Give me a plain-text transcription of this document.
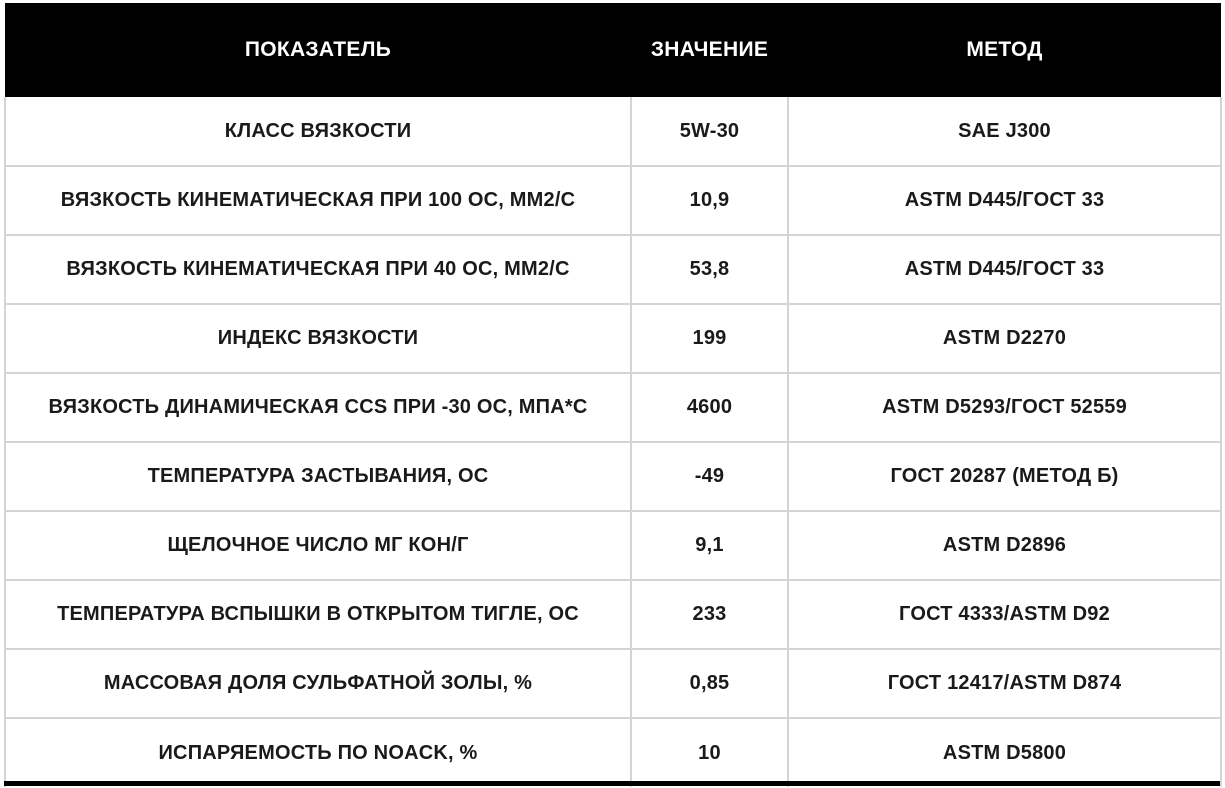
ПОКАЗАТЕЛЬ	ЗНАЧЕНИЕ	МЕТОД
КЛАСС ВЯЗКОСТИ	5W-30	SAE J300
ВЯЗКОСТЬ КИНЕМАТИЧЕСКАЯ ПРИ 100 ОС, ММ2/С	10,9	ASTM D445/ГОСТ 33
ВЯЗКОСТЬ КИНЕМАТИЧЕСКАЯ ПРИ 40 ОС, ММ2/С	53,8	ASTM D445/ГОСТ 33
ИНДЕКС ВЯЗКОСТИ	199	ASTM D2270
ВЯЗКОСТЬ ДИНАМИЧЕСКАЯ CCS ПРИ -30 ОС, МПА*С	4600	ASTM D5293/ГОСТ 52559
ТЕМПЕРАТУРА ЗАСТЫВАНИЯ, ОС	-49	ГОСТ 20287 (МЕТОД Б)
ЩЕЛОЧНОЕ ЧИСЛО МГ КОН/Г	9,1	ASTM D2896
ТЕМПЕРАТУРА ВСПЫШКИ В ОТКРЫТОМ ТИГЛЕ, ОС	233	ГОСТ 4333/ASTM D92
МАССОВАЯ ДОЛЯ СУЛЬФАТНОЙ ЗОЛЫ, %	0,85	ГОСТ 12417/ASTM D874
ИСПАРЯЕМОСТЬ ПО NOACK, %	10	ASTM D5800
